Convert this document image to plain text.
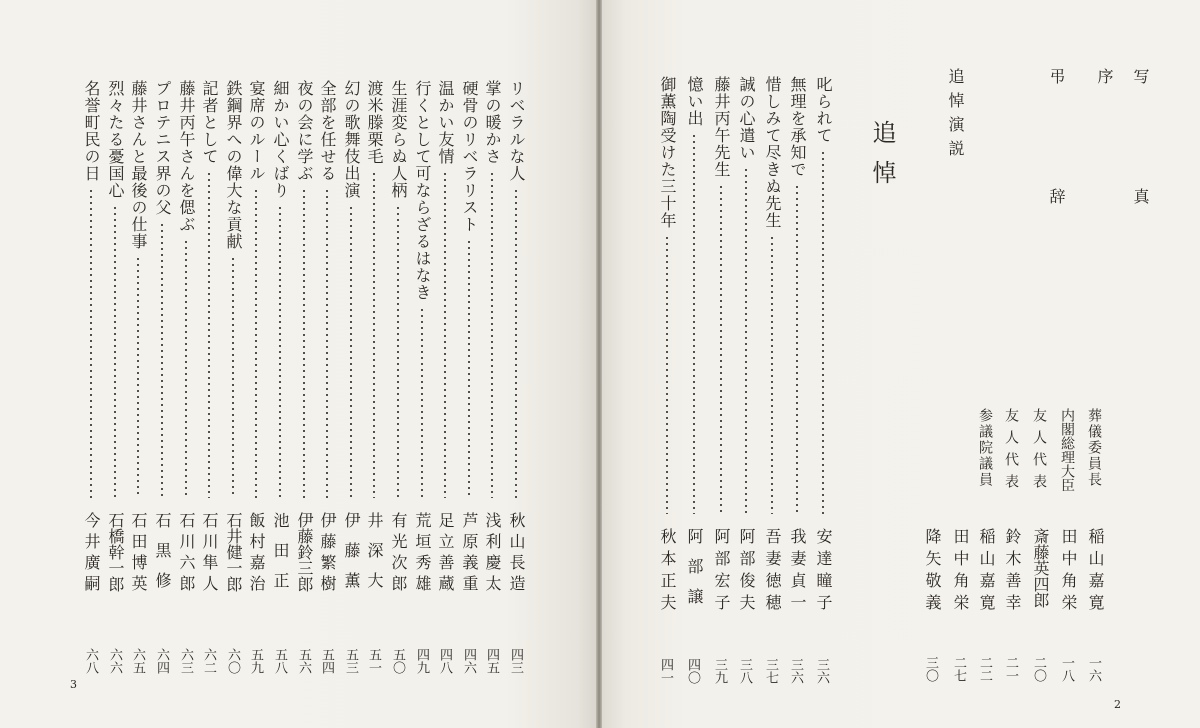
リベラルな人
秋山長造
四三
掌の暖かさ
浅利慶太
四五
硬骨のリベラリスト
芦原義重
四六
温かい友情
足立善蔵
四八
行くとして可ならざるはなき
荒垣秀雄
四九
生涯変らぬ人柄
有光次郎
五〇
渡米滕栗毛
井深大
五一
幻の歌舞伎出演
伊藤薫
五三
全部を任せる
伊藤繁樹
五四
夜の会に学ぶ
伊藤鈴三郎
五六
細かい心くばり
池田正
五八
宴席のルール
飯村嘉治
五九
鉄鋼界への偉大な貢献
石井健一郎
六〇
記者として
石川隼人
六二
藤井丙午さんを偲ぶ
石川六郎
六三
プロテニス界の父
石黒修
六四
藤井さんと最後の仕事
石田博英
六五
烈々たる憂国心
石橋幹一郎
六六
名誉町民の日
今井廣嗣
六八
3
写　　真
序
弔　　辞
追悼演説
葬儀委員長
稲山嘉寛
一六
内閣総理大臣
田中角栄
一八
友人代表
斎藤英四郎
二〇
友人代表
鈴木善幸
二一
参議院議員
稲山嘉寛
二二
田中角栄
二七
降矢敬義
三〇
追悼
叱られて
安達瞳子
三六
無理を承知で
我妻貞一
三六
惜しみて尽きぬ先生
吾妻徳穂
三七
誠の心遣い
阿部俊夫
三八
藤井丙午先生
阿部宏子
三九
憶い出
阿部譲
四〇
御薫陶受けた三十年
秋本正夫
四一
2
